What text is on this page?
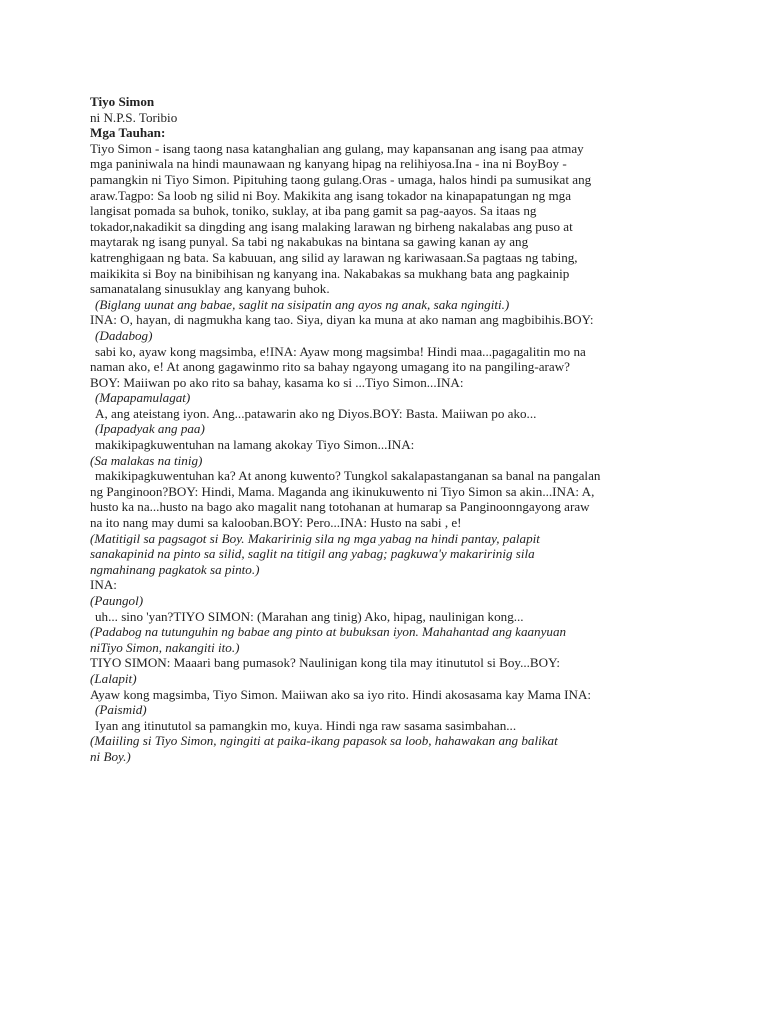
Tiyo Simon
ni N.P.S. Toribio
Mga Tauhan:
Tiyo Simon - isang taong nasa katanghalian ang gulang, may kapansanan ang isang paa atmay
mga paniniwala na hindi maunawaan ng kanyang hipag na relihiyosa.Ina - ina ni BoyBoy -
pamangkin ni Tiyo Simon. Pipituhing taong gulang.Oras - umaga, halos hindi pa sumusikat ang
araw.Tagpo: Sa loob ng silid ni Boy. Makikita ang isang tokador na kinapapatungan ng mga
langisat pomada sa buhok, toniko, suklay, at iba pang gamit sa pag-aayos. Sa itaas ng
tokador,nakadikit sa dingding ang isang malaking larawan ng birheng nakalabas ang puso at
maytarak ng isang punyal. Sa tabi ng nakabukas na bintana sa gawing kanan ay ang
katrenghigaan ng bata. Sa kabuuan, ang silid ay larawan ng kariwasaan.Sa pagtaas ng tabing,
maikikita si Boy na binibihisan ng kanyang ina. Nakabakas sa mukhang bata ang pagkainip
samanatalang sinusuklay ang kanyang buhok.
(Biglang uunat ang babae, saglit na sisipatin ang ayos ng anak, saka ngingiti.)
INA: O, hayan, di nagmukha kang tao. Siya, diyan ka muna at ako naman ang magbibihis.BOY:
(Dadabog)
sabi ko, ayaw kong magsimba, e!INA: Ayaw mong magsimba! Hindi maa...pagagalitin mo na
naman ako, e! At anong gagawinmo rito sa bahay ngayong umagang ito na pangiling-araw?
BOY: Maiiwan po ako rito sa bahay, kasama ko si ...Tiyo Simon...INA:
(Mapapamulagat)
A, ang ateistang iyon. Ang...patawarin ako ng Diyos.BOY: Basta. Maiiwan po ako...
(Ipapadyak ang paa)
makikipagkuwentuhan na lamang akokay Tiyo Simon...INA:
(Sa malakas na tinig)
makikipagkuwentuhan ka? At anong kuwento? Tungkol sakalapastanganan sa banal na pangalan
ng Panginoon?BOY: Hindi, Mama. Maganda ang ikinukuwento ni Tiyo Simon sa akin...INA: A,
husto ka na...husto na bago ako magalit nang totohanan at humarap sa Panginoonngayong araw
na ito nang may dumi sa kalooban.BOY: Pero...INA: Husto na sabi , e!
(Matitigil sa pagsagot si Boy. Makaririnig sila ng mga yabag na hindi pantay, palapit
sanakapinid na pinto sa silid, saglit na titigil ang yabag; pagkuwa'y makaririnig sila
ngmahinang pagkatok sa pinto.)
INA:
(Paungol)
uh... sino 'yan?TIYO SIMON: (Marahan ang tinig) Ako, hipag, naulinigan kong...
(Padabog na tutunguhin ng babae ang pinto at bubuksan iyon. Mahahantad ang kaanyuan
niTiyo Simon, nakangiti ito.)
TIYO SIMON: Maaari bang pumasok? Naulinigan kong tila may itinututol si Boy...BOY:
(Lalapit)
Ayaw kong magsimba, Tiyo Simon. Maiiwan ako sa iyo rito. Hindi akosasama kay Mama INA:
(Paismid)
Iyan ang itinututol sa pamangkin mo, kuya. Hindi nga raw sasama sasimbahan...
(Maiiling si Tiyo Simon, ngingiti at paika-ikang papasok sa loob, hahawakan ang balikat
ni Boy.)
